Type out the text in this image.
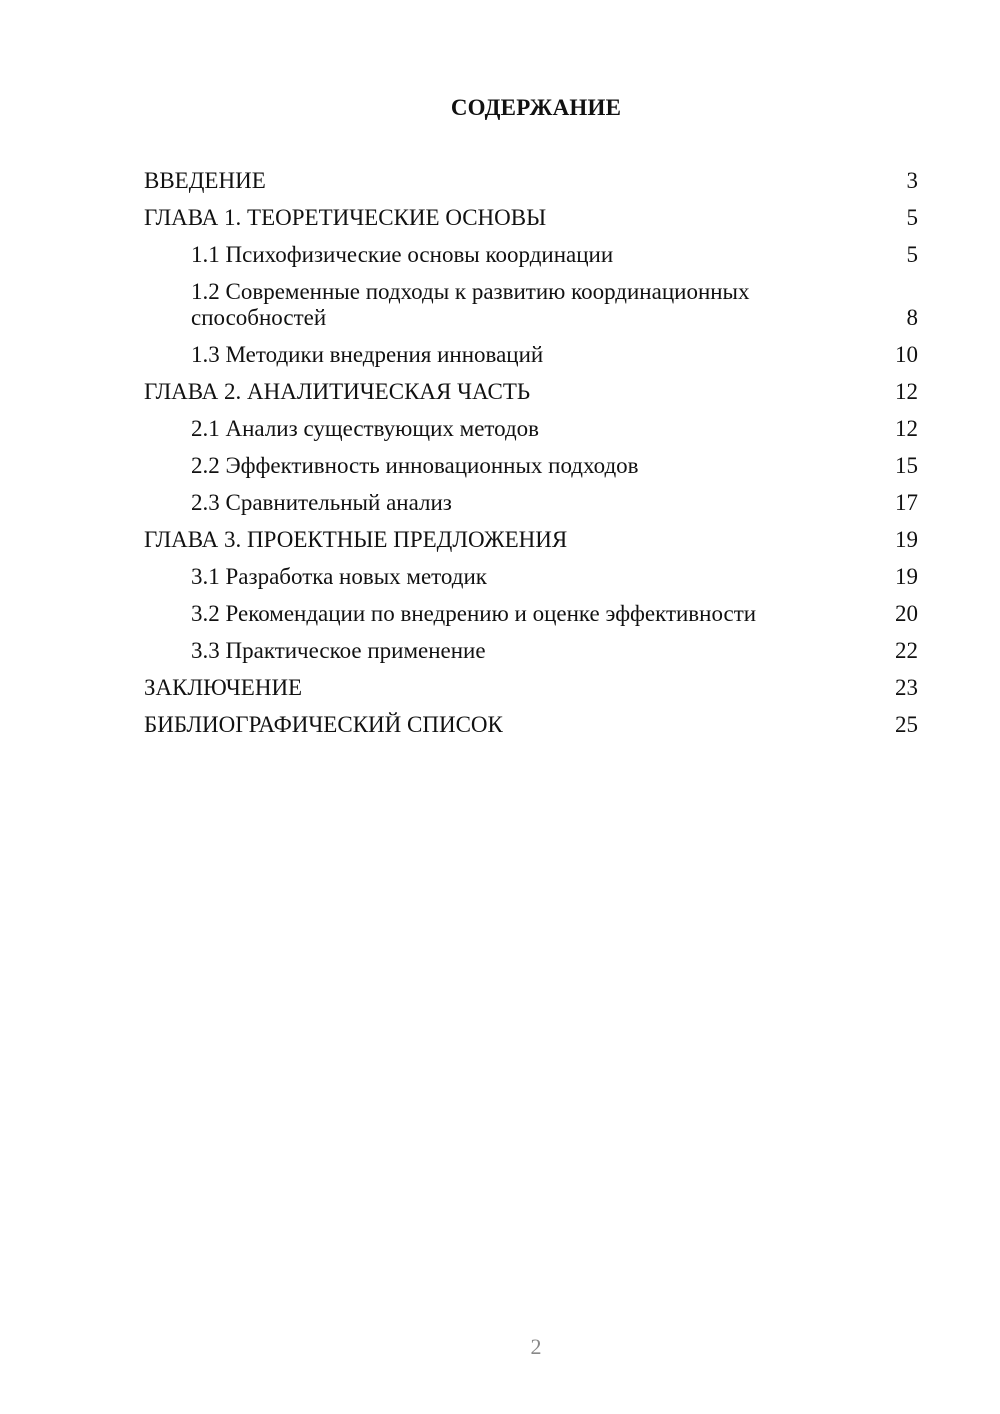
СОДЕРЖАНИЕ
ВВЕДЕНИЕ	3
ГЛАВА 1. ТЕОРЕТИЧЕСКИЕ ОСНОВЫ	5
1.1 Психофизические основы координации	5
1.2 Современные подходы к развитию координационных способностей	8
1.3 Методики внедрения инноваций	10
ГЛАВА 2. АНАЛИТИЧЕСКАЯ ЧАСТЬ	12
2.1 Анализ существующих методов	12
2.2 Эффективность инновационных подходов	15
2.3 Сравнительный анализ	17
ГЛАВА 3. ПРОЕКТНЫЕ ПРЕДЛОЖЕНИЯ	19
3.1 Разработка новых методик	19
3.2 Рекомендации по внедрению и оценке эффективности	20
3.3 Практическое применение	22
ЗАКЛЮЧЕНИЕ	23
БИБЛИОГРАФИЧЕСКИЙ СПИСОК	25
2
